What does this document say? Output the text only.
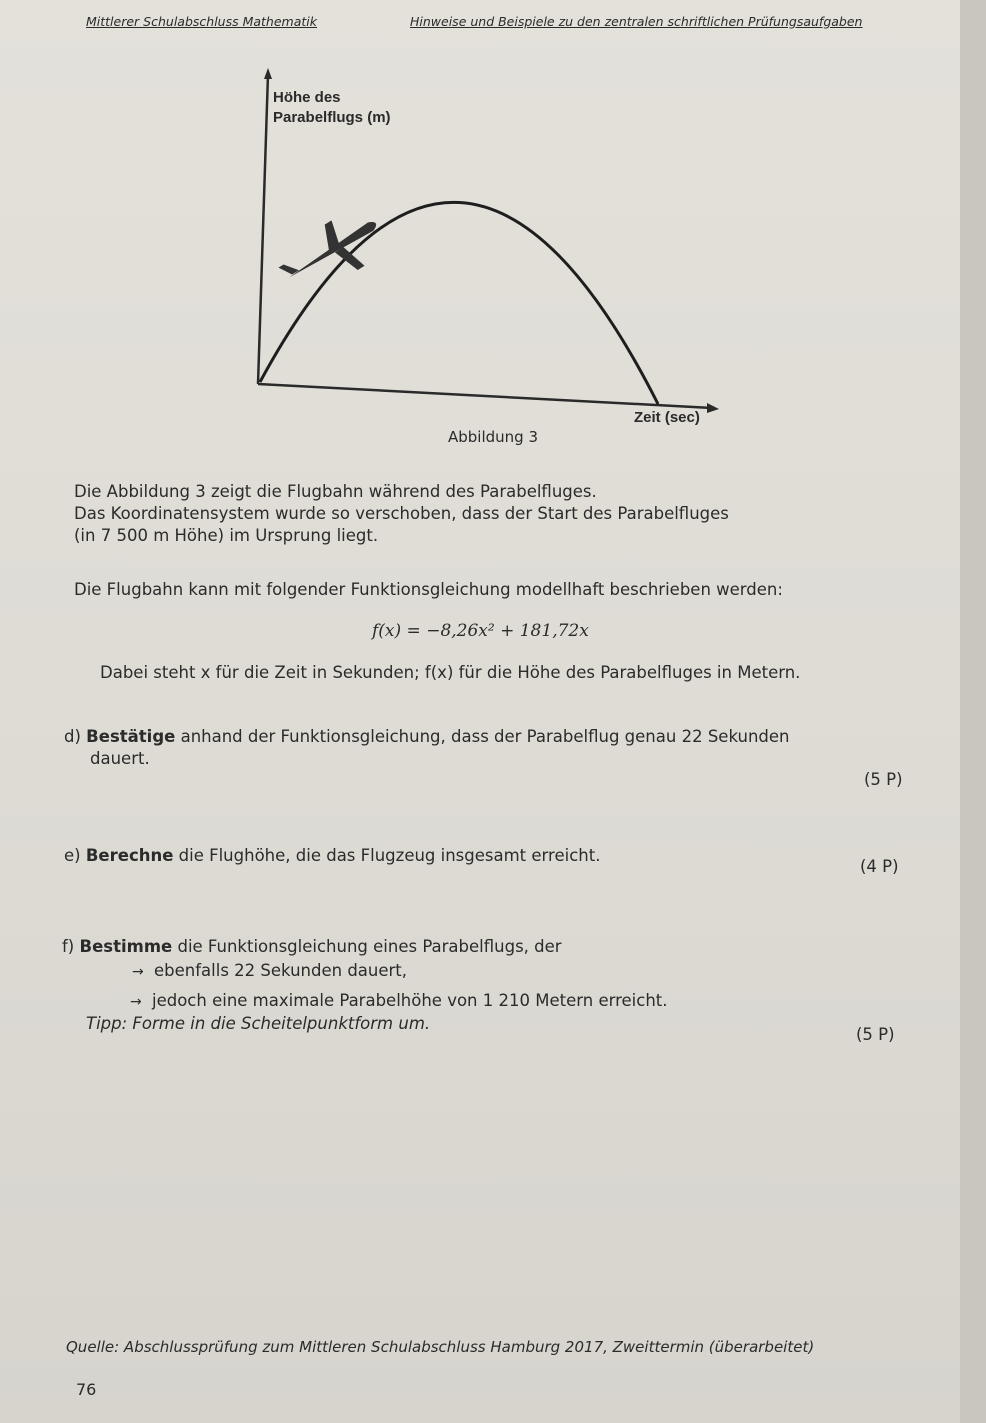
Mittlerer Schulabschluss Mathematik	Hinweise und Beispiele zu den zentralen schriftlichen Prüfungsaufgaben
Höhe des
Parabelflugs (m)
Zeit (sec)
Abbildung 3
Die Abbildung 3 zeigt die Flugbahn während des Parabelfluges.
Das Koordinatensystem wurde so verschoben, dass der Start des Parabelfluges
(in 7 500 m Höhe) im Ursprung liegt.
Die Flugbahn kann mit folgender Funktionsgleichung modellhaft beschrieben werden:
f(x) = −8,26x² + 181,72x
Dabei steht x für die Zeit in Sekunden; f(x) für die Höhe des Parabelfluges in Metern.
d) Bestätige anhand der Funktionsgleichung, dass der Parabelflug genau 22 Sekunden
dauert.
(5 P)
e) Berechne die Flughöhe, die das Flugzeug insgesamt erreicht.
(4 P)
f) Bestimme die Funktionsgleichung eines Parabelflugs, der
→ ebenfalls 22 Sekunden dauert,
→ jedoch eine maximale Parabelhöhe von 1 210 Metern erreicht.
Tipp: Forme in die Scheitelpunktform um.
(5 P)
Quelle: Abschlussprüfung zum Mittleren Schulabschluss Hamburg 2017, Zweittermin (überarbeitet)
76
